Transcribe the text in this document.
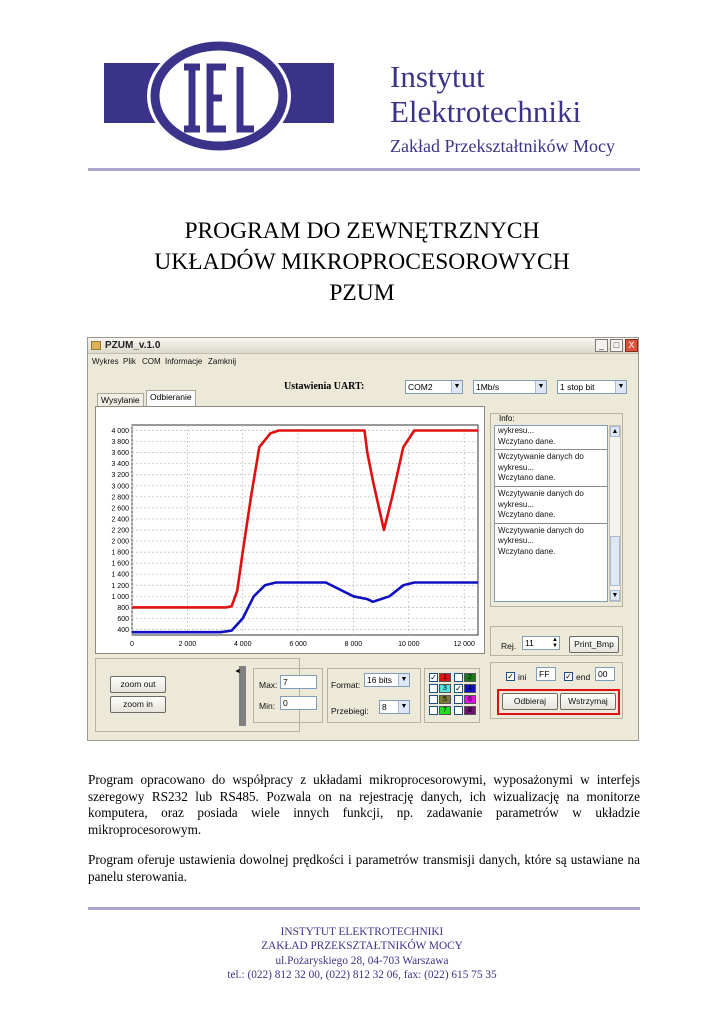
Instytut
Elektrotechniki
Zakład Przekształtników Mocy
PROGRAM DO ZEWNĘTRZNYCH
UKŁADÓW MIKROPROCESOROWYCH
PZUM
PZUM_v.1.0	_	□	X
Wykres Plik COM Informacje Zamknij
Ustawienia UART:	COM2	▼	1Mb/s	▼	1 stop bit	▼
Wysylanie	Odbieranie
4 000
3 800
3 600
3 400
3 200
3 000
2 800
2 600
2 400
2 200
2 000
1 800
1 600
1 400
1 200
1 000
800
600
400
0	2 000	4 000	6 000	8 000	10 000	12 000
Info:
wykresu...
Wczytano dane.
Wczytywanie danych do
wykresu...
Wczytano dane.
Wczytywanie danych do
wykresu...
Wczytano dane.
Wczytywanie danych do
wykresu...
Wczytano dane.
▲
▼
zoom out
zoom in
◄
Max: 7
Min: 0
Format: 16 bits	▼
Przebiegi:	8	▼
✓ 1	2
3	✓ 4
5	6
7	8
Rej.	11	▲
▼	Print_Bmp
✓ ini	FF	✓ end 00
Odbieraj	Wstrzymaj
Program opracowano do współpracy z układami mikroprocesorowymi, wyposażonymi w interfejs szeregowy RS232 lub RS485. Pozwala on na rejestrację danych, ich wizualizację na monitorze komputera, oraz posiada wiele innych funkcji, np. zadawanie parametrów w układzie mikroprocesorowym.
Program oferuje ustawienia dowolnej prędkości i parametrów transmisji danych, które są ustawiane na panelu sterowania.
INSTYTUT ELEKTROTECHNIKI
ZAKŁAD PRZEKSZTAŁTNIKÓW MOCY
ul.Pożaryskiego 28, 04-703 Warszawa
tel.: (022) 812 32 00, (022) 812 32 06, fax: (022) 615 75 35
